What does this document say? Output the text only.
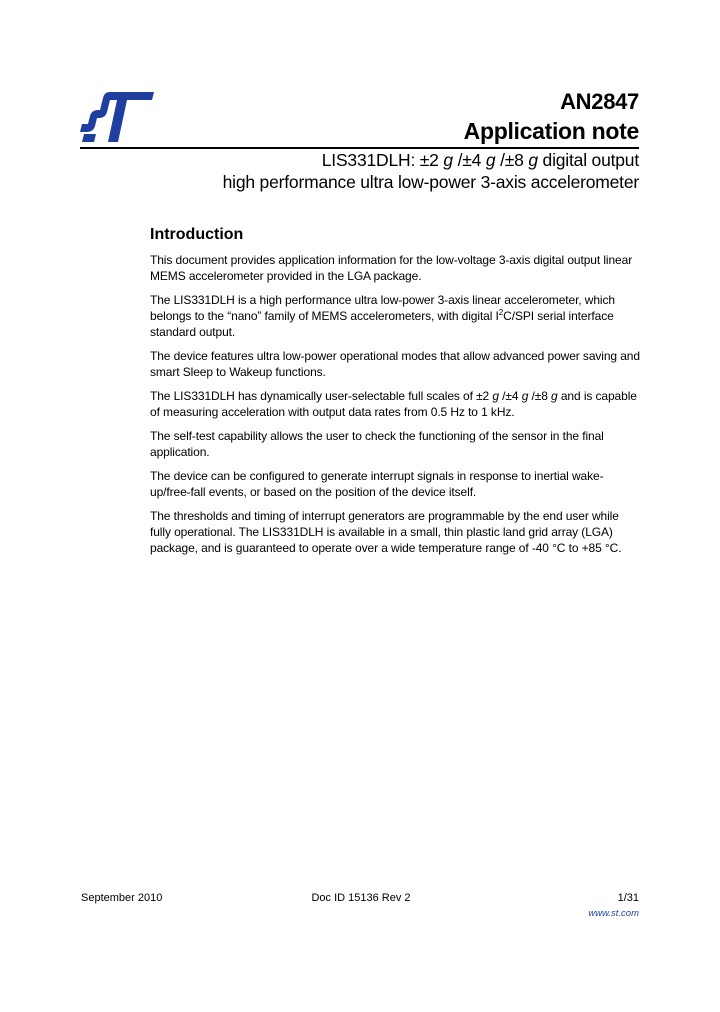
AN2847
Application note
LIS331DLH: ±2 g /±4 g /±8 g digital output
high performance ultra low-power 3-axis accelerometer
Introduction

This document provides application information for the low-voltage 3-axis digital output linear MEMS accelerometer provided in the LGA package.

The LIS331DLH is a high performance ultra low-power 3-axis linear accelerometer, which belongs to the “nano” family of MEMS accelerometers, with digital $I^2C$/SPI serial interface standard output.

The device features ultra low-power operational modes that allow advanced power saving and smart Sleep to Wakeup functions.

The LIS331DLH has dynamically user-selectable full scales of ±2 g /±4 g /±8 g and is capable of measuring acceleration with output data rates from 0.5 Hz to 1 kHz.

The self-test capability allows the user to check the functioning of the sensor in the final application.

The device can be configured to generate interrupt signals in response to inertial wake-up/free-fall events, or based on the position of the device itself.

The thresholds and timing of interrupt generators are programmable by the end user while fully operational. The LIS331DLH is available in a small, thin plastic land grid array (LGA) package, and is guaranteed to operate over a wide temperature range of -40 °C to +85 °C.

September 2010	Doc ID 15136 Rev 2	1/31
www.st.com
